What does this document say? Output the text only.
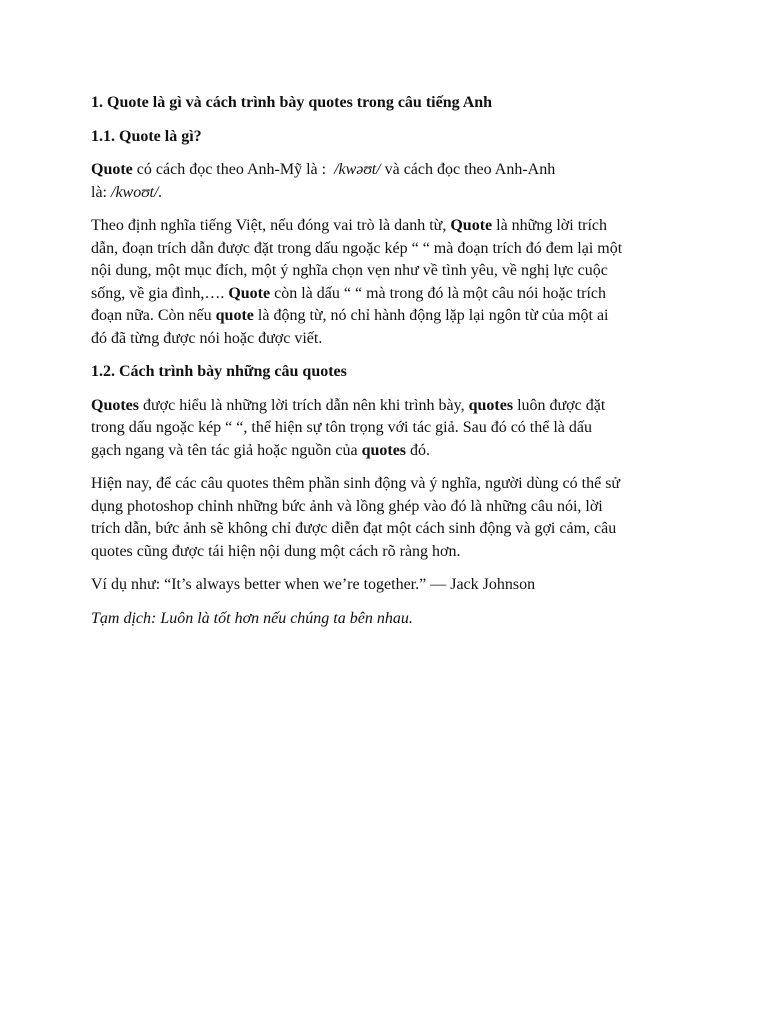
1. Quote là gì và cách trình bày quotes trong câu tiếng Anh
1.1. Quote là gì?
Quote có cách đọc theo Anh-Mỹ là :  /kwəʊt/ và cách đọc theo Anh-Anh
là: /kwoʊt/.
Theo định nghĩa tiếng Việt, nếu đóng vai trò là danh từ, Quote là những lời trích
dẫn, đoạn trích dẫn được đặt trong dấu ngoặc kép “ “ mà đoạn trích đó đem lại một
nội dung, một mục đích, một ý nghĩa chọn vẹn như về tình yêu, về nghị lực cuộc
sống, về gia đình,…. Quote còn là dấu “ “ mà trong đó là một câu nói hoặc trích
đoạn nữa. Còn nếu quote là động từ, nó chỉ hành động lặp lại ngôn từ của một ai
đó đã từng được nói hoặc được viết.
1.2. Cách trình bày những câu quotes
Quotes được hiểu là những lời trích dẫn nên khi trình bày, quotes luôn được đặt
trong dấu ngoặc kép “ “, thể hiện sự tôn trọng với tác giả. Sau đó có thể là dấu
gạch ngang và tên tác giả hoặc nguồn của quotes đó.
Hiện nay, để các câu quotes thêm phần sinh động và ý nghĩa, người dùng có thể sử
dụng photoshop chỉnh những bức ảnh và lồng ghép vào đó là những câu nói, lời
trích dẫn, bức ảnh sẽ không chỉ được diễn đạt một cách sinh động và gợi cảm, câu
quotes cũng được tái hiện nội dung một cách rõ ràng hơn.
Ví dụ như: “It’s always better when we’re together.” — Jack Johnson
Tạm dịch: Luôn là tốt hơn nếu chúng ta bên nhau.
